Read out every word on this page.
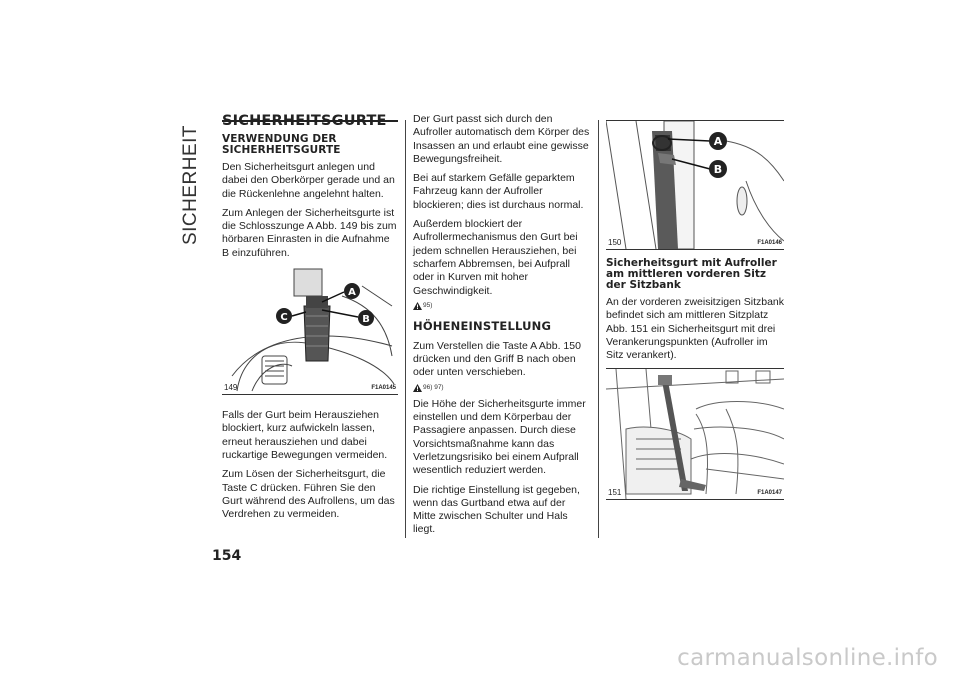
SICHERHEIT
SICHERHEITSGURTE
VERWENDUNG DER SICHERHEITSGURTE

Den Sicherheitsgurt anlegen und dabei den Oberkörper gerade und an die Rückenlehne angelehnt halten.

Zum Anlegen der Sicherheitsgurte ist die Schlosszunge A Abb. 149 bis zum hörbaren Einrasten in die Aufnahme B einzuführen.

A
B
C
149	F1A0145

Falls der Gurt beim Herausziehen blockiert, kurz aufwickeln lassen, erneut herausziehen und dabei ruckartige Bewegungen vermeiden.

Zum Lösen der Sicherheitsgurt, die Taste C drücken. Führen Sie den Gurt während des Aufrollens, um das Verdrehen zu vermeiden.

Der Gurt passt sich durch den Aufroller automatisch dem Körper des Insassen an und erlaubt eine gewisse Bewegungsfreiheit.

Bei auf starkem Gefälle geparktem Fahrzeug kann der Aufroller blockieren; dies ist durchaus normal.

Außerdem blockiert der Aufrollermechanismus den Gurt bei jedem schnellen Herausziehen, bei scharfem Abbremsen, bei Aufprall oder in Kurven mit hoher Geschwindigkeit.

95)
HÖHENEINSTELLUNG

Zum Verstellen die Taste A Abb. 150 drücken und den Griff B nach oben oder unten verschieben.

96) 97)

Die Höhe der Sicherheitsgurte immer einstellen und dem Körperbau der Passagiere anpassen. Durch diese Vorsichtsmaßnahme kann das Verletzungsrisiko bei einem Aufprall wesentlich reduziert werden.

Die richtige Einstellung ist gegeben, wenn das Gurtband etwa auf der Mitte zwischen Schulter und Hals liegt.

A
B
150	F1A0146
Sicherheitsgurt mit Aufroller am mittleren vorderen Sitz der Sitzbank

An der vorderen zweisitzigen Sitzbank befindet sich am mittleren Sitzplatz Abb. 151 ein Sicherheitsgurt mit drei Verankerungspunkten (Aufroller im Sitz verankert).

151	F1A0147
154
carmanualsonline.info
